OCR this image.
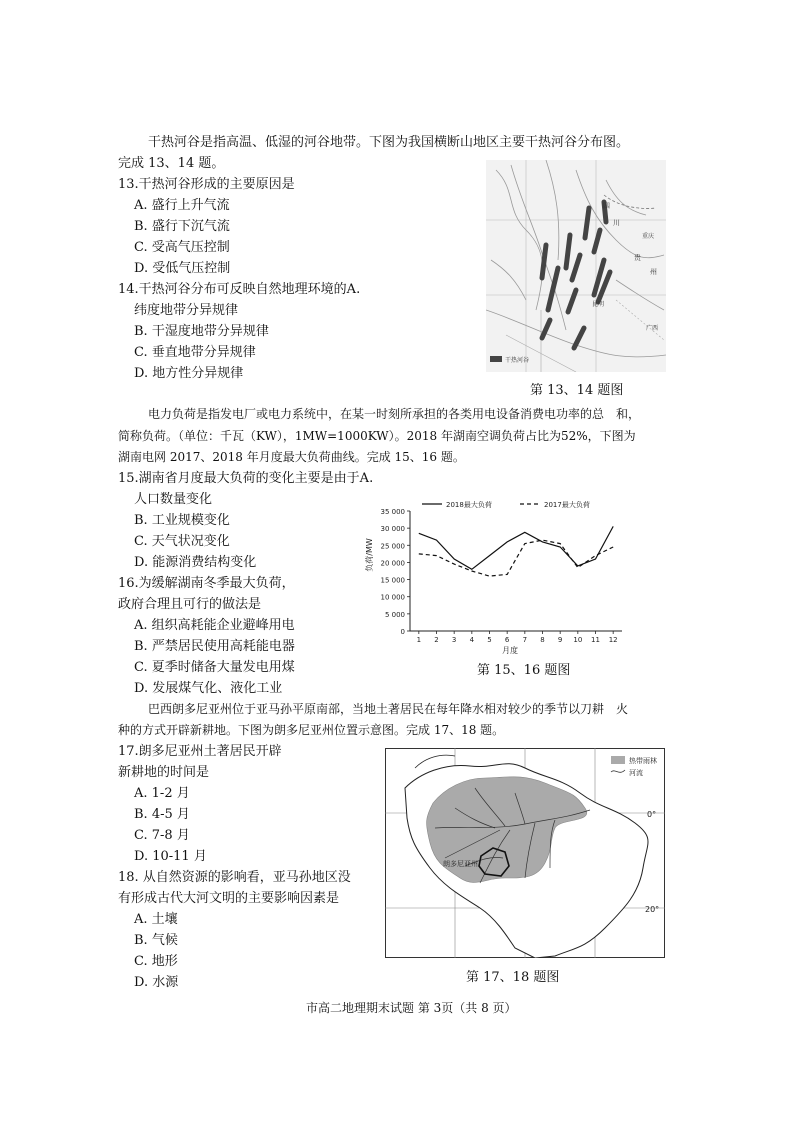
干热河谷是指高温、低湿的河谷地带。下图为我国横断山地区主要干热河谷分布图。
完成 13、14 题。
13.干热河谷形成的主要原因是
A. 盛行上升气流
B. 盛行下沉气流
C. 受高气压控制
D. 受低气压控制
14.干热河谷分布可反映自然地理环境的A.
纬度地带分异规律
B. 干湿度地带分异规律
C. 垂直地带分异规律
D. 地方性分异规律
四
川
重庆
贵
州
昆明
广西
干热河谷
第 13、14 题图
电力负荷是指发电厂或电力系统中，在某一时刻所承担的各类用电设备消费电功率的总　和，
简称负荷。（单位：千瓦（KW），1MW=1000KW）。2018 年湖南空调负荷占比为52%，下图为
湖南电网 2017、2018 年月度最大负荷曲线。完成 15、16 题。
15.湖南省月度最大负荷的变化主要是由于A.
人口数量变化
B. 工业规模变化
C. 天气状况变化
D. 能源消费结构变化
16.为缓解湖南冬季最大负荷，
政府合理且可行的做法是
A. 组织高耗能企业避峰用电
B. 严禁居民使用高耗能电器
C. 夏季时储备大量发电用煤
D. 发展煤气化、液化工业
0
5 000
10 000
15 000
20 000
25 000
30 000
35 000
1 2 3 4 5 6 7 8 9 10 11 12
2018最大负荷	2017最大负荷
负荷/MW
月度
第 15、16 题图
巴西朗多尼亚州位于亚马孙平原南部，当地土著居民在每年降水相对较少的季节以刀耕　火
种的方式开辟新耕地。下图为朗多尼亚州位置示意图。完成 17、18 题。
17.朗多尼亚州土著居民开辟
新耕地的时间是
A. 1-2 月
B. 4-5 月
C. 7-8 月
D. 10-11 月
18. 从自然资源的影响看，亚马孙地区没
有形成古代大河文明的主要影响因素是
A. 土壤
B. 气候
C. 地形
D. 水源
朗多尼亚州
0°
20°
热带雨林
河流
第 17、18 题图
市高二地理期末试题 第 3页（共 8 页）
